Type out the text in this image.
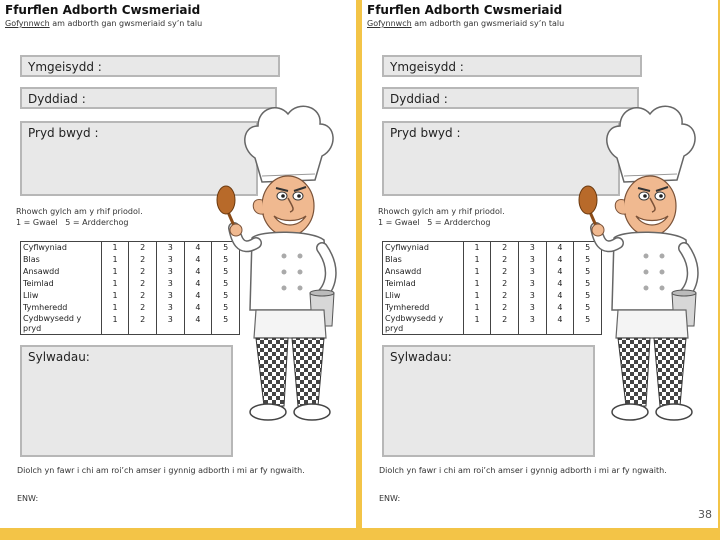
Ffurflen Adborth Cwsmeriaid
Gofynnwch am adborth gan gwsmeriaid sy’n talu
Ymgeisydd :
Dyddiad :
Pryd bwyd :
Rhowch gylch am y rhif priodol.
1 = Gwael   5 = Ardderchog
Cyflwyniad	1	2	3	4	5
Blas	1	2	3	4	5
Ansawdd	1	2	3	4	5
Teimlad	1	2	3	4	5
Lliw	1	2	3	4	5
Tymheredd	1	2	3	4	5
Cydbwysedd y pryd	1	2	3	4	5
Sylwadau:
Diolch yn fawr i chi am roi’ch amser i gynnig adborth i mi ar fy ngwaith.
ENW:
Ffurflen Adborth Cwsmeriaid
Gofynnwch am adborth gan gwsmeriaid sy’n talu
Ymgeisydd :
Dyddiad :
Pryd bwyd :
Rhowch gylch am y rhif priodol.
1 = Gwael   5 = Ardderchog
Cyflwyniad	1	2	3	4	5
Blas	1	2	3	4	5
Ansawdd	1	2	3	4	5
Teimlad	1	2	3	4	5
Lliw	1	2	3	4	5
Tymheredd	1	2	3	4	5
Cydbwysedd y pryd	1	2	3	4	5
Sylwadau:
Diolch yn fawr i chi am roi’ch amser i gynnig adborth i mi ar fy ngwaith.
ENW:
38
